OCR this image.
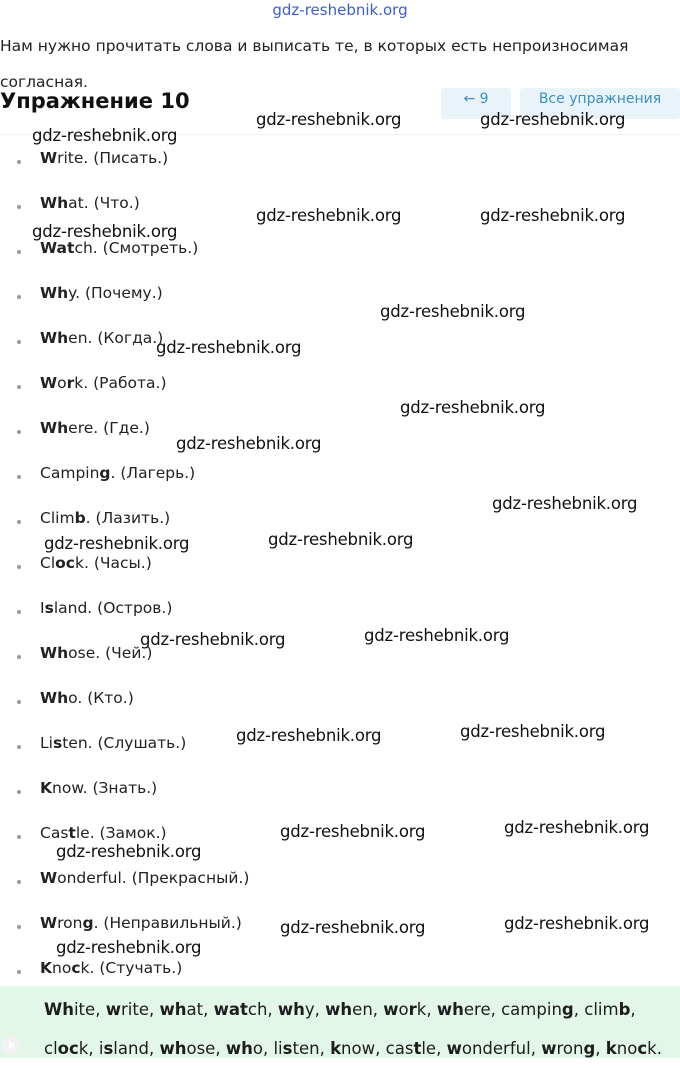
gdz-reshebnik.org
Нам нужно прочитать слова и выписать те, в которых есть непроизносимая согласная.
Упражнение 10	← 9	Все упражнения
Write. (Писать.)
What. (Что.)
Watch. (Смотреть.)
Why. (Почему.)
When. (Когда.)
Work. (Работа.)
Where. (Где.)
Camping. (Лагерь.)
Climb. (Лазить.)
Clock. (Часы.)
Island. (Остров.)
Whose. (Чей.)
Who. (Кто.)
Listen. (Слушать.)
Know. (Знать.)
Castle. (Замок.)
Wonderful. (Прекрасный.)
Wrong. (Неправильный.)
Knock. (Стучать.)
White, write, what, watch, why, when, work, where, camping, climb, clock, island, whose, who, listen, know, castle, wonderful, wrong, knock.
gdz-reshebnik.org
gdz-reshebnik.org	gdz-reshebnik.org
gdz-reshebnik.org	gdz-reshebnik.org
gdz-reshebnik.org
gdz-reshebnik.org
gdz-reshebnik.org
gdz-reshebnik.org
gdz-reshebnik.org
gdz-reshebnik.org
gdz-reshebnik.org	gdz-reshebnik.org
gdz-reshebnik.org	gdz-reshebnik.org
gdz-reshebnik.org	gdz-reshebnik.org
gdz-reshebnik.org	gdz-reshebnik.org
gdz-reshebnik.org
gdz-reshebnik.org	gdz-reshebnik.org
gdz-reshebnik.org
